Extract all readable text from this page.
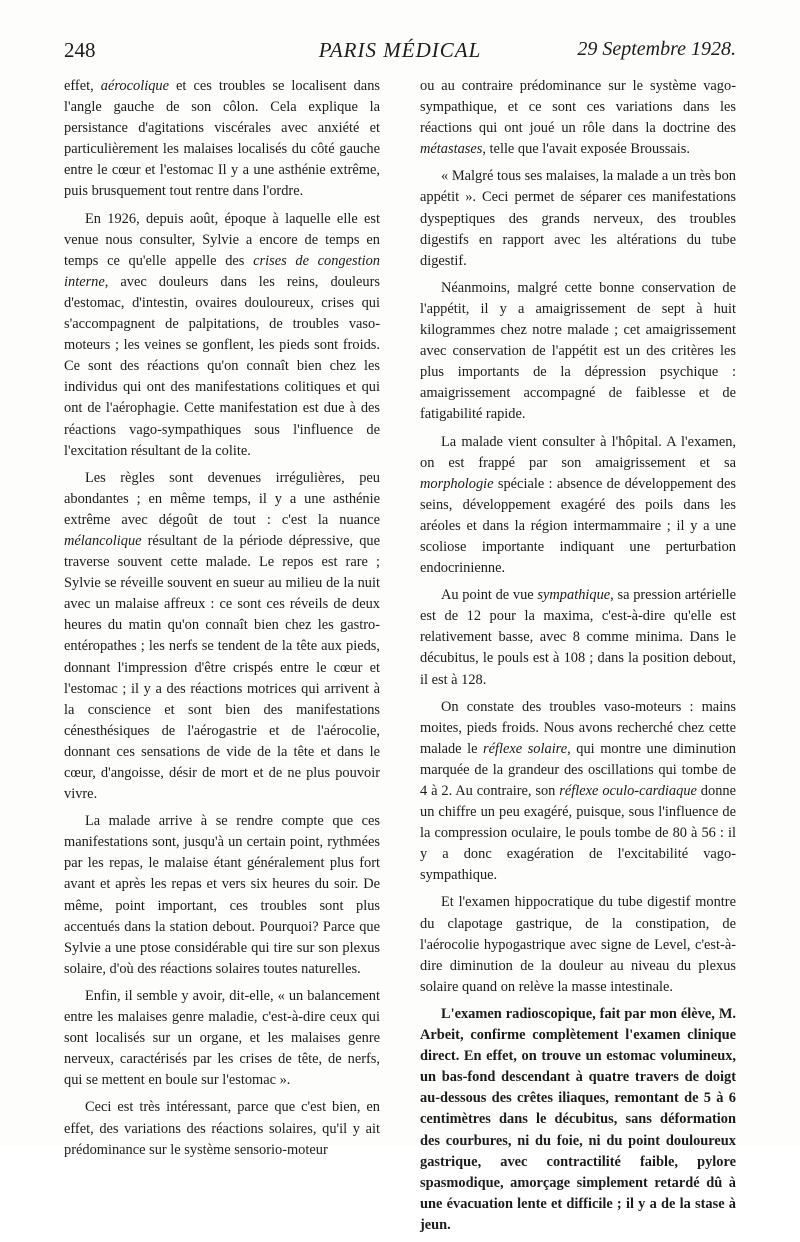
248	PARIS MÉDICAL	29 Septembre 1928.

effet, aérocolique et ces troubles se localisent dans l'angle gauche de son côlon. Cela explique la persistance d'agitations viscérales avec anxiété et particulièrement les malaises localisés du côté gauche entre le cœur et l'estomac Il y a une asthénie extrême, puis brusquement tout rentre dans l'ordre.

En 1926, depuis août, époque à laquelle elle est venue nous consulter, Sylvie a encore de temps en temps ce qu'elle appelle des crises de congestion interne, avec douleurs dans les reins, douleurs d'estomac, d'intestin, ovaires douloureux, crises qui s'accompagnent de palpitations, de troubles vaso-moteurs ; les veines se gonflent, les pieds sont froids. Ce sont des réactions qu'on connaît bien chez les individus qui ont des manifestations colitiques et qui ont de l'aérophagie. Cette manifestation est due à des réactions vago-sympathiques sous l'influence de l'excitation résultant de la colite.

Les règles sont devenues irrégulières, peu abondantes ; en même temps, il y a une asthénie extrême avec dégoût de tout : c'est la nuance mélancolique résultant de la période dépressive, que traverse souvent cette malade. Le repos est rare ; Sylvie se réveille souvent en sueur au milieu de la nuit avec un malaise affreux : ce sont ces réveils de deux heures du matin qu'on connaît bien chez les gastro-entéropathes ; les nerfs se tendent de la tête aux pieds, donnant l'impression d'être crispés entre le cœur et l'estomac ; il y a des réactions motrices qui arrivent à la conscience et sont bien des manifestations cénesthésiques de l'aérogastrie et de l'aérocolie, donnant ces sensations de vide de la tête et dans le cœur, d'angoisse, désir de mort et de ne plus pouvoir vivre.

La malade arrive à se rendre compte que ces manifestations sont, jusqu'à un certain point, rythmées par les repas, le malaise étant généralement plus fort avant et après les repas et vers six heures du soir. De même, point important, ces troubles sont plus accentués dans la station debout. Pourquoi? Parce que Sylvie a une ptose considérable qui tire sur son plexus solaire, d'où des réactions solaires toutes naturelles.

Enfin, il semble y avoir, dit-elle, « un balancement entre les malaises genre maladie, c'est-à-dire ceux qui sont localisés sur un organe, et les malaises genre nerveux, caractérisés par les crises de tête, de nerfs, qui se mettent en boule sur l'estomac ».

Ceci est très intéressant, parce que c'est bien, en effet, des variations des réactions solaires, qu'il y ait prédominance sur le système sensorio-moteur

ou au contraire prédominance sur le système vago-sympathique, et ce sont ces variations dans les réactions qui ont joué un rôle dans la doctrine des métastases, telle que l'avait exposée Broussais.

« Malgré tous ses malaises, la malade a un très bon appétit ». Ceci permet de séparer ces manifestations dyspeptiques des grands nerveux, des troubles digestifs en rapport avec les altérations du tube digestif.

Néanmoins, malgré cette bonne conservation de l'appétit, il y a amaigrissement de sept à huit kilogrammes chez notre malade ; cet amaigrissement avec conservation de l'appétit est un des critères les plus importants de la dépression psychique : amaigrissement accompagné de faiblesse et de fatigabilité rapide.

La malade vient consulter à l'hôpital. A l'examen, on est frappé par son amaigrissement et sa morphologie spéciale : absence de développement des seins, développement exagéré des poils dans les aréoles et dans la région intermammaire ; il y a une scoliose importante indiquant une perturbation endocrinienne.

Au point de vue sympathique, sa pression artérielle est de 12 pour la maxima, c'est-à-dire qu'elle est relativement basse, avec 8 comme minima. Dans le décubitus, le pouls est à 108 ; dans la position debout, il est à 128.

On constate des troubles vaso-moteurs : mains moites, pieds froids. Nous avons recherché chez cette malade le réflexe solaire, qui montre une diminution marquée de la grandeur des oscillations qui tombe de 4 à 2. Au contraire, son réflexe oculo-cardiaque donne un chiffre un peu exagéré, puisque, sous l'influence de la compression oculaire, le pouls tombe de 80 à 56 : il y a donc exagération de l'excitabilité vago-sympathique.

Et l'examen hippocratique du tube digestif montre du clapotage gastrique, de la constipation, de l'aérocolie hypogastrique avec signe de Level, c'est-à-dire diminution de la douleur au niveau du plexus solaire quand on relève la masse intestinale.

L'examen radioscopique, fait par mon élève, M. Arbeit, confirme complètement l'examen clinique direct. En effet, on trouve un estomac volumineux, un bas-fond descendant à quatre travers de doigt au-dessous des crêtes iliaques, remontant de 5 à 6 centimètres dans le décubitus, sans déformation des courbures, ni du foie, ni du point douloureux gastrique, avec contractilité faible, pylore spasmodique, amorçage simplement retardé dû à une évacuation lente et difficile ; il y a de la stase à jeun.
